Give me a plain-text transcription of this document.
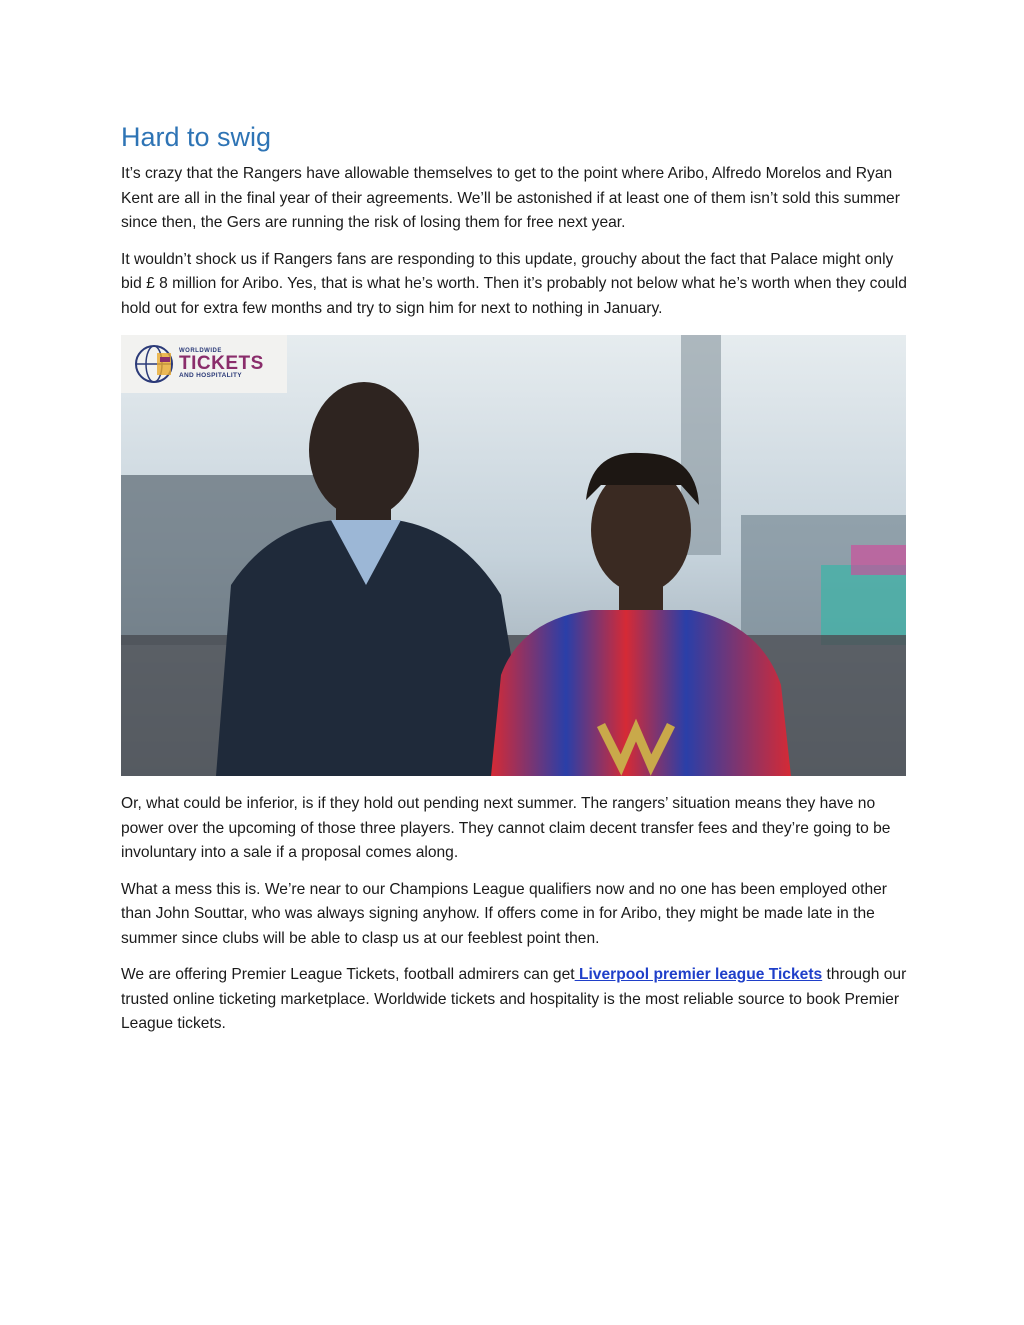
Hard to swig

It’s crazy that the Rangers have allowable themselves to get to the point where Aribo, Alfredo Morelos and Ryan Kent are all in the final year of their agreements. We’ll be astonished if at least one of them isn’t sold this summer since then, the Gers are running the risk of losing them for free next year.

It wouldn’t shock us if Rangers fans are responding to this update, grouchy about the fact that Palace might only bid £ 8 million for Aribo. Yes, that is what he’s worth. Then it’s probably not below what he’s worth when they could hold out for extra few months and try to sign him for next to nothing in January.

WORLDWIDE
TICKETS
AND HOSPITALITY

Or, what could be inferior, is if they hold out pending next summer. The rangers’ situation means they have no power over the upcoming of those three players. They cannot claim decent transfer fees and they’re going to be involuntary into a sale if a proposal comes along.

What a mess this is. We’re near to our Champions League qualifiers now and no one has been employed other than John Souttar, who was always signing anyhow. If offers come in for Aribo, they might be made late in the summer since clubs will be able to clasp us at our feeblest point then.

We are offering Premier League Tickets, football admirers can get Liverpool premier league Tickets through our trusted online ticketing marketplace. Worldwide tickets and hospitality is the most reliable source to book Premier League tickets.
